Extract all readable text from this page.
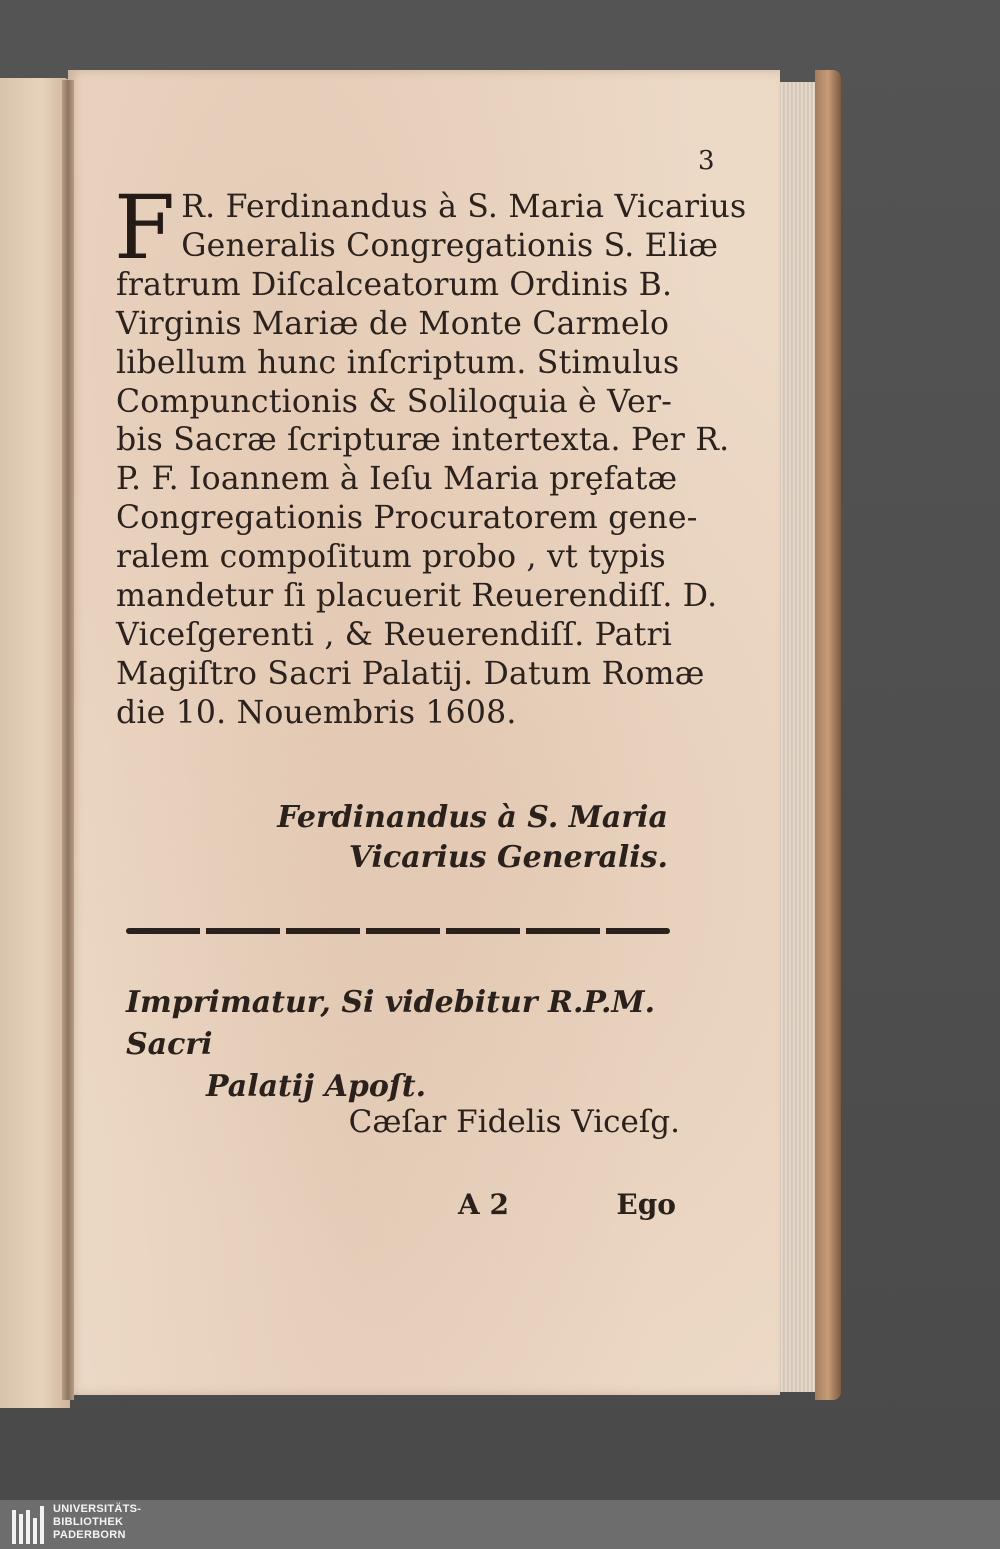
3
F R. Ferdinandus à S. Maria Vicarius
Generalis Congregationis S. Eliæ
fratrum Diſcalceatorum Ordinis B.
Virginis Mariæ de Monte Carmelo
libellum hunc inſcriptum. Stimulus
Compunctionis & Soliloquia è Ver-
bis Sacræ ſcripturæ intertexta. Per R.
P. F. Ioannem à Ieſu Maria prȩfatæ
Congregationis Procuratorem gene-
ralem compoſitum probo , vt typis
mandetur ſi placuerit Reuerendiſſ. D.
Viceſgerenti , & Reuerendiſſ. Patri
Magiſtro Sacri Palatij. Datum Romæ
die 10. Nouembris 1608.
Ferdinandus à S. Maria
Vicarius Generalis.
Imprimatur, Si videbitur R.P.M. Sacri
Palatij Apoſt.
Cæſar Fidelis Viceſg.
A 2	Ego
UNIVERSITÄTS-
BIBLIOTHEK
PADERBORN
